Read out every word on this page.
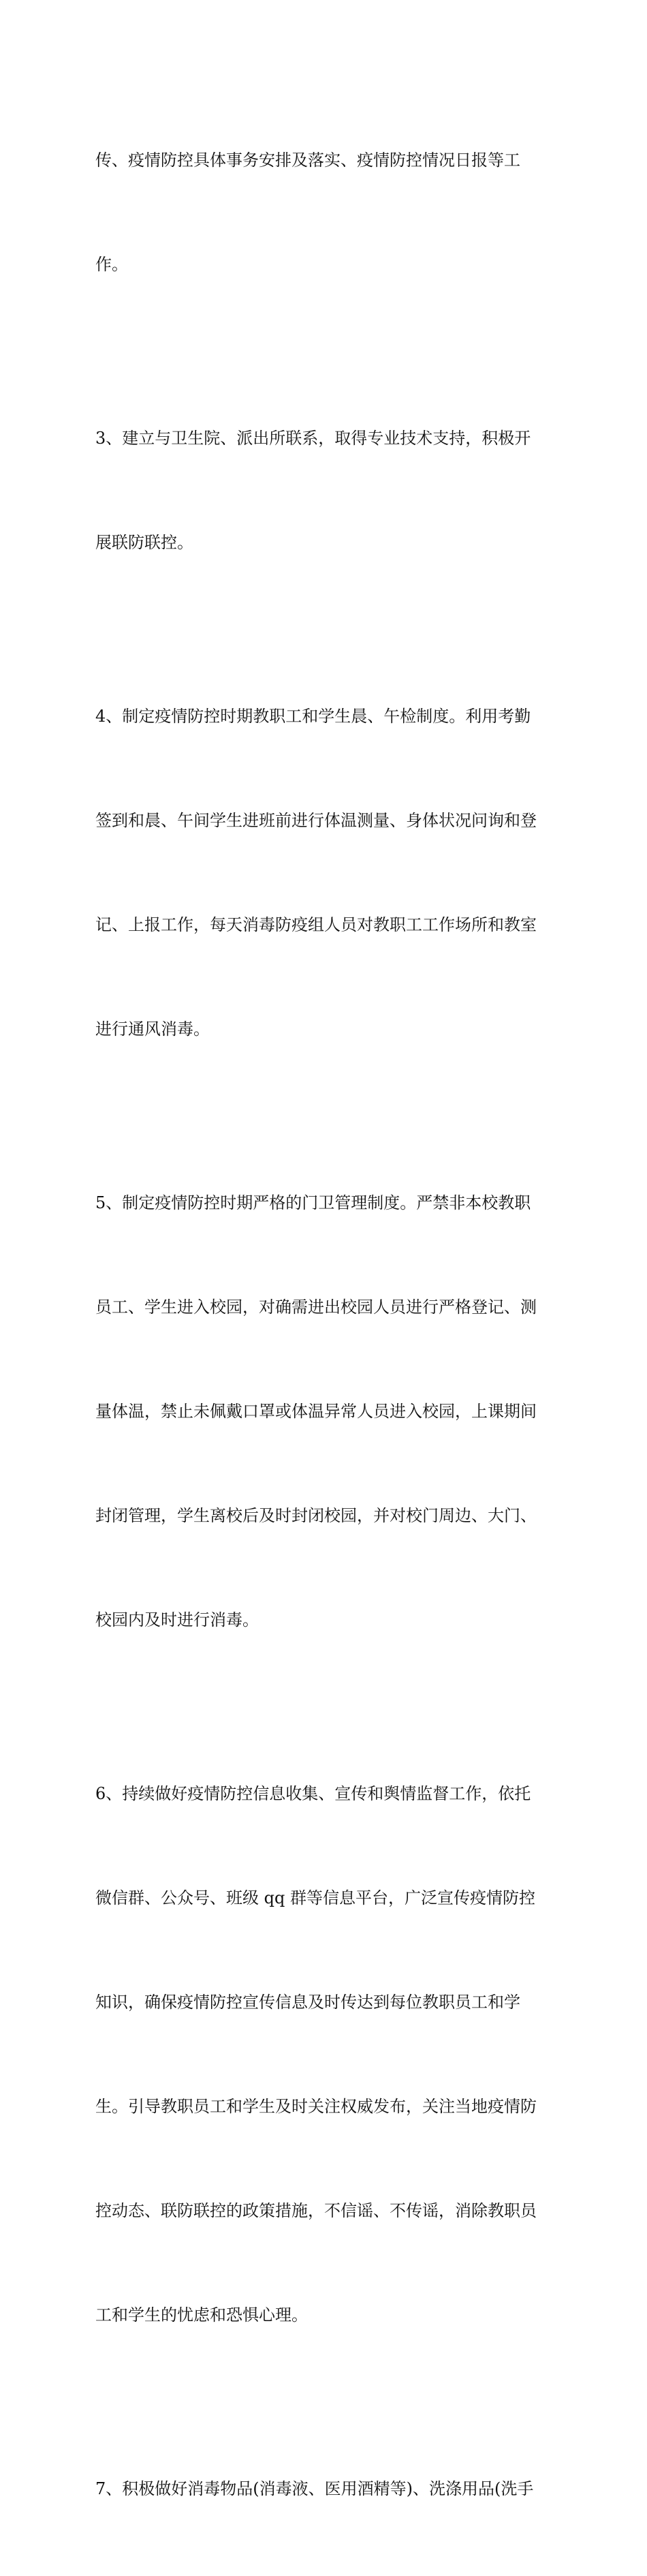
传、疫情防控具体事务安排及落实、疫情防控情况日报等工

作。

3、建立与卫生院、派出所联系，取得专业技术支持，积极开

展联防联控。

4、制定疫情防控时期教职工和学生晨、午检制度。利用考勤

签到和晨、午间学生进班前进行体温测量、身体状况问询和登

记、上报工作，每天消毒防疫组人员对教职工工作场所和教室

进行通风消毒。

5、制定疫情防控时期严格的门卫管理制度。严禁非本校教职

员工、学生进入校园，对确需进出校园人员进行严格登记、测

量体温，禁止未佩戴口罩或体温异常人员进入校园，上课期间

封闭管理，学生离校后及时封闭校园，并对校门周边、大门、

校园内及时进行消毒。

6、持续做好疫情防控信息收集、宣传和舆情监督工作，依托

微信群、公众号、班级 qq 群等信息平台，广泛宣传疫情防控

知识，确保疫情防控宣传信息及时传达到每位教职员工和学

生。引导教职员工和学生及时关注权威发布，关注当地疫情防

控动态、联防联控的政策措施，不信谣、不传谣，消除教职员

工和学生的忧虑和恐惧心理。

7、积极做好消毒物品(消毒液、医用酒精等)、洗涤用品(洗手
